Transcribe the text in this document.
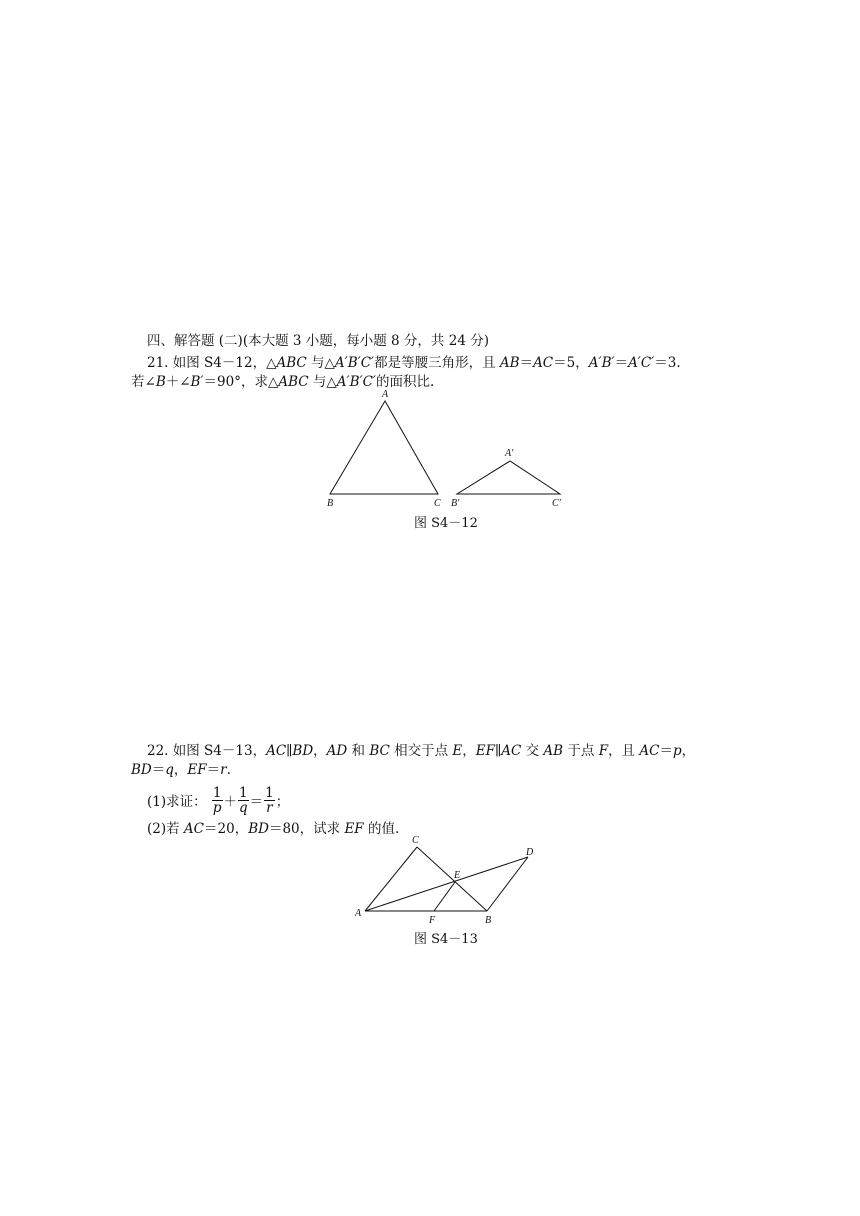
四、解答题 (二)(本大题 3 小题，每小题 8 分，共 24 分)
21. 如图 S4－12，△ABC 与△A′B′C′都是等腰三角形，且 AB＝AC＝5，A′B′＝A′C′＝3.
若∠B＋∠B′＝90°，求△ABC 与△A′B′C′的面积比.
A
B	C
A′
B′	C′
图 S4－12
22. 如图 S4－13，AC∥BD，AD 和 BC 相交于点 E，EF∥AC 交 AB 于点 F，且 AC＝p，
BD＝q，EF＝r.
(1)求证： $\frac{1}{p} + \frac{1}{q} = \frac{1}{r}$ ；
(2)若 AC＝20，BD＝80，试求 EF 的值.
A
B
C
D
E
F
图 S4－13
